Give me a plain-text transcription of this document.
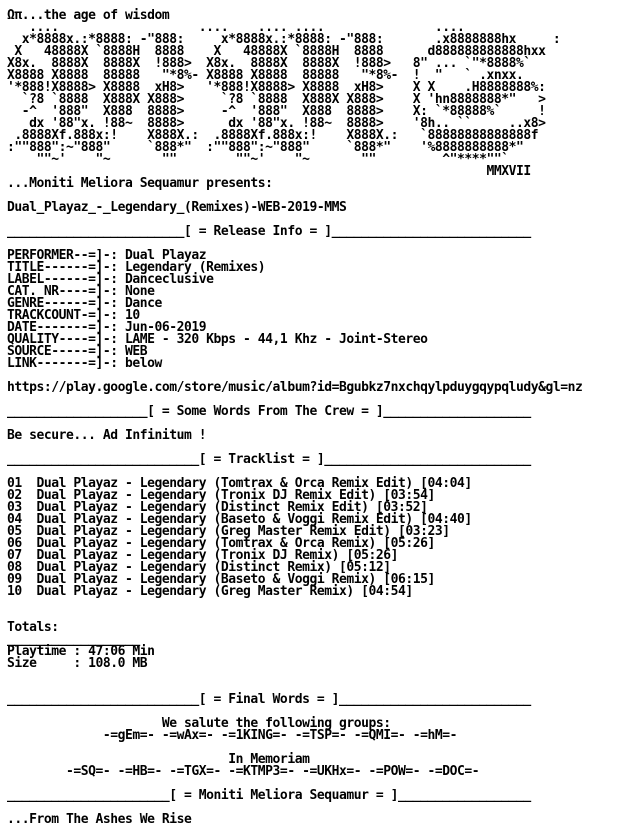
Ωπ...the age of wisdom
....                   ....    .... ....               ....
x*8888x.:*8888: -"888:     x*8888x.:*8888: -"888:       .x8888888hx     :
X   48888X `8888H  8888    X   48888X `8888H  8888      d888888888888hxx
X8x.  8888X  8888X  !888>  X8x.  8888X  8888X  !888>   8" ... `"*8888%`
X8888 X8888  88888   "*8%- X8888 X8888  88888   "*8%-  !  "   ` .xnxx.
'*888!X8888> X8888  xH8>   '*888!X8888> X8888  xH8>    X X    .H8888888%:
`?8 `8888  X888X X888>     `?8 `8888  X888X X888>    X 'hn8888888*"   >
-^  '888"  X888  8888>     -^  '888"  X888  8888>    X: `*88888%`     !
dx '88"x. !88~  8888>      dx '88"x. !88~  8888>    '8h.. ``     ..x8>
.8888Xf.888x:!    X888X.:  .8888Xf.888x:!    X888X.:   `88888888888888f
:""888":~"888"     `888*"  :""888":~"888"     `888*"    '%8888888888*"
""~'    "~       ""        ""~'    "~       ""         ^"****""`
MMXVII
...Moniti Meliora Sequamur presents:
Dual_Playaz_-_Legendary_(Remixes)-WEB-2019-MMS
________________________[ = Release Info = ]___________________________
PERFORMER--=]-: Dual Playaz
TITLE------=]-: Legendary (Remixes)
LABEL------=]-: Danceclusive
CAT. NR----=]-: None
GENRE------=]-: Dance
TRACKCOUNT-=]-: 10
DATE-------=]-: Jun-06-2019
QUALITY----=]-: LAME - 320 Kbps - 44,1 Khz - Joint-Stereo
SOURCE-----=]-: WEB
LINK-------=]-: below
https://play.google.com/store/music/album?id=Bgubkz7nxchqylpduygqypqludy&gl=nz
___________________[ = Some Words From The Crew = ]____________________
Be secure... Ad Infinitum !
__________________________[ = Tracklist = ]____________________________
01  Dual Playaz - Legendary (Tomtrax & Orca Remix Edit) [04:04]
02  Dual Playaz - Legendary (Tronix DJ Remix Edit) [03:54]
03  Dual Playaz - Legendary (Distinct Remix Edit) [03:52]
04  Dual Playaz - Legendary (Baseto & Voggi Remix Edit) [04:40]
05  Dual Playaz - Legendary (Greg Master Remix Edit) [03:23]
06  Dual Playaz - Legendary (Tomtrax & Orca Remix) [05:26]
07  Dual Playaz - Legendary (Tronix DJ Remix) [05:26]
08  Dual Playaz - Legendary (Distinct Remix) [05:12]
09  Dual Playaz - Legendary (Baseto & Voggi Remix) [06:15]
10  Dual Playaz - Legendary (Greg Master Remix) [04:54]
Totals:
__________________
Playtime : 47:06 Min
Size     : 108.0 MB
__________________________[ = Final Words = ]__________________________
We salute the following groups:
-=gEm=- -=wAx=- -=1KING=- -=TSP=- -=QMI=- -=hM=-
In Memoriam
-=SQ=- -=HB=- -=TGX=- -=KTMP3=- -=UKHx=- -=POW=- -=DOC=-
______________________[ = Moniti Meliora Sequamur = ]__________________
...From The Ashes We Rise
